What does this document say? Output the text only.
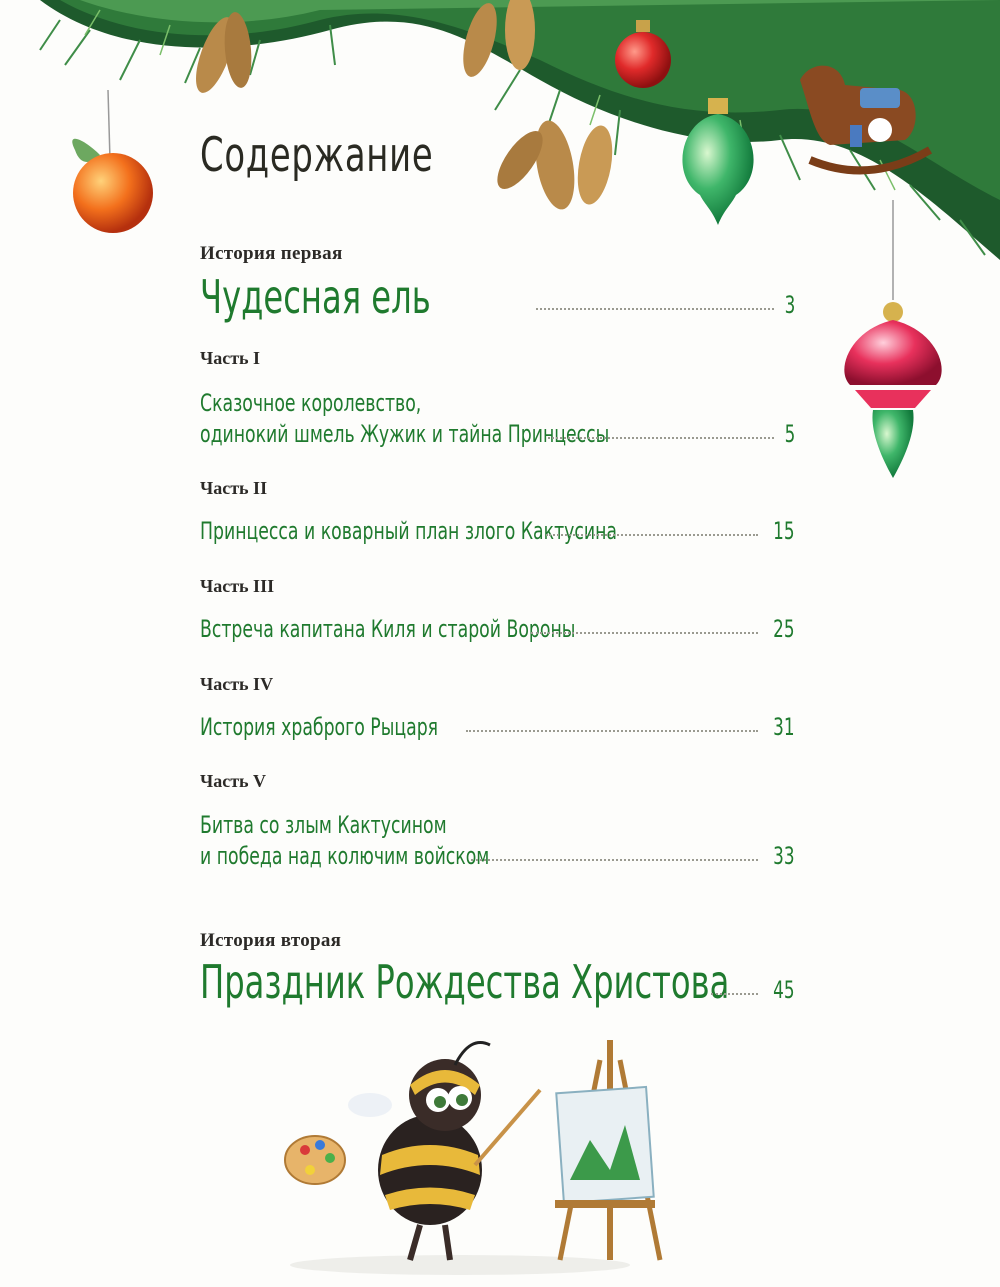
Содержание
История первая
Чудесная ель	3
Часть I
Сказочное королевство,
одинокий шмель Жужик и тайна Принцессы	5
Часть II
Принцесса и коварный план злого Кактусина	15
Часть III
Встреча капитана Киля и старой Вороны	25
Часть IV
История храброго Рыцаря	31
Часть V
Битва со злым Кактусином
и победа над колючим войском	33
История вторая
Праздник Рождества Христова 45
